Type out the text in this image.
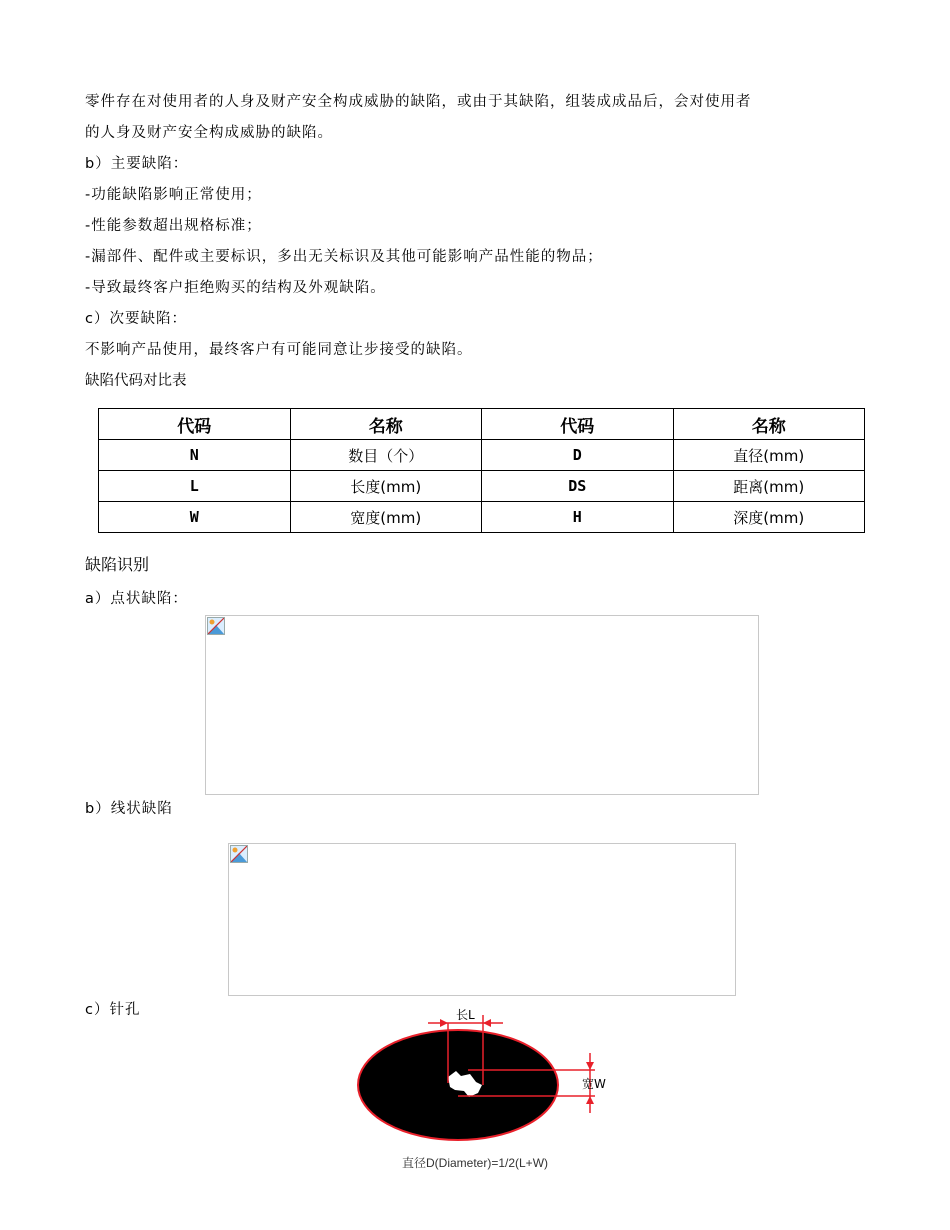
零件存在对使用者的人身及财产安全构成威胁的缺陷，或由于其缺陷，组装成成品后，会对使用者
的人身及财产安全构成威胁的缺陷。
b）主要缺陷：
-功能缺陷影响正常使用；
-性能参数超出规格标准；
-漏部件、配件或主要标识，多出无关标识及其他可能影响产品性能的物品；
-导致最终客户拒绝购买的结构及外观缺陷。
c）次要缺陷：
不影响产品使用，最终客户有可能同意让步接受的缺陷。
缺陷代码对比表
代码	名称	代码	名称
N	数目（个）	D	直径(mm)
L	长度(mm)	DS	距离(mm)
W	宽度(mm)	H	深度(mm)
缺陷识别
a）点状缺陷：
b）线状缺陷
c）针孔	长L
宽W
直径D(Diameter)=1/2(L+W)
